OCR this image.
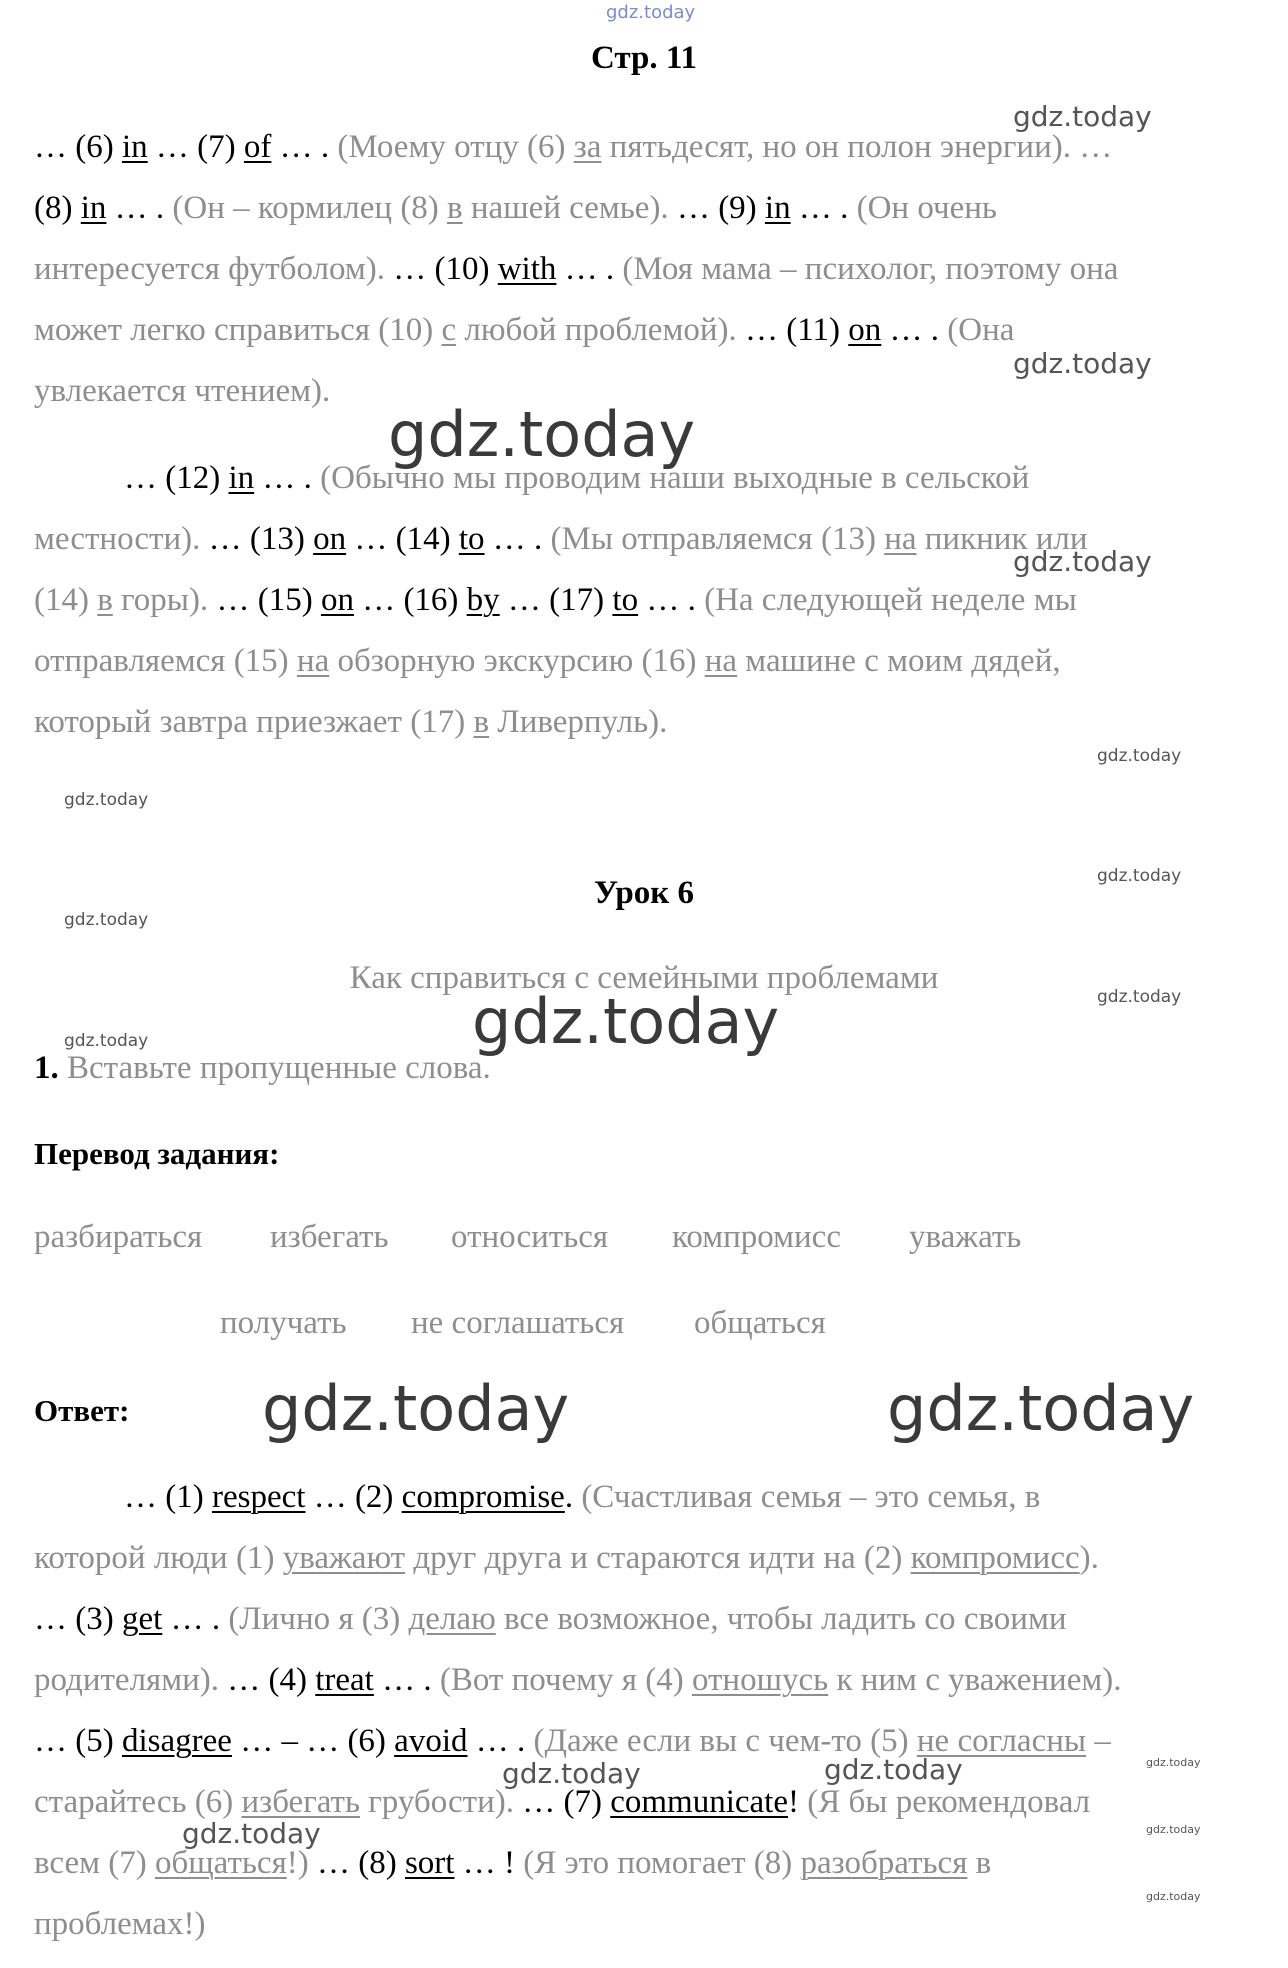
gdz.today
gdz.today
gdz.today
gdz.today
gdz.today
gdz.today
gdz.today
gdz.today
gdz.today
gdz.today
gdz.today	gdz.today
gdz.today	gdz.today
gdz.today	gdz.today
gdz.today
gdz.today
gdz.today
gdz.today
Стр. 11
… (6) in … (7) of … . (Моему отцу (6) за пятьдесят, но он полон энергии). …
(8) in … . (Он – кормилец (8) в нашей семье). … (9) in … . (Он очень
интересуется футболом). … (10) with … . (Моя мама – психолог, поэтому она
может легко справиться (10) с любой проблемой). … (11) on … . (Она
увлекается чтением).
… (12) in … . (Обычно мы проводим наши выходные в сельской
местности). … (13) on … (14) to … . (Мы отправляемся (13) на пикник или
(14) в горы). … (15) on … (16) by … (17) to … . (На следующей неделе мы
отправляемся (15) на обзорную экскурсию (16) на машине с моим дядей,
который завтра приезжает (17) в Ливерпуль).
Урок 6
Как справиться с семейными проблемами
1. Вставьте пропущенные слова.
Перевод задания:
разбираться избегать относиться компромисс уважать
получать не соглашаться общаться
Ответ:
… (1) respect … (2) compromise. (Счастливая семья – это семья, в
которой люди (1) уважают друг друга и стараются идти на (2) компромисс).
… (3) get … . (Лично я (3) делаю все возможное, чтобы ладить со своими
родителями). … (4) treat … . (Вот почему я (4) отношусь к ним с уважением).
… (5) disagree … – … (6) avoid … . (Даже если вы с чем-то (5) не согласны –
старайтесь (6) избегать грубости). … (7) communicate! (Я бы рекомендовал
всем (7) общаться!) … (8) sort … ! (Я это помогает (8) разобраться в
проблемах!)
